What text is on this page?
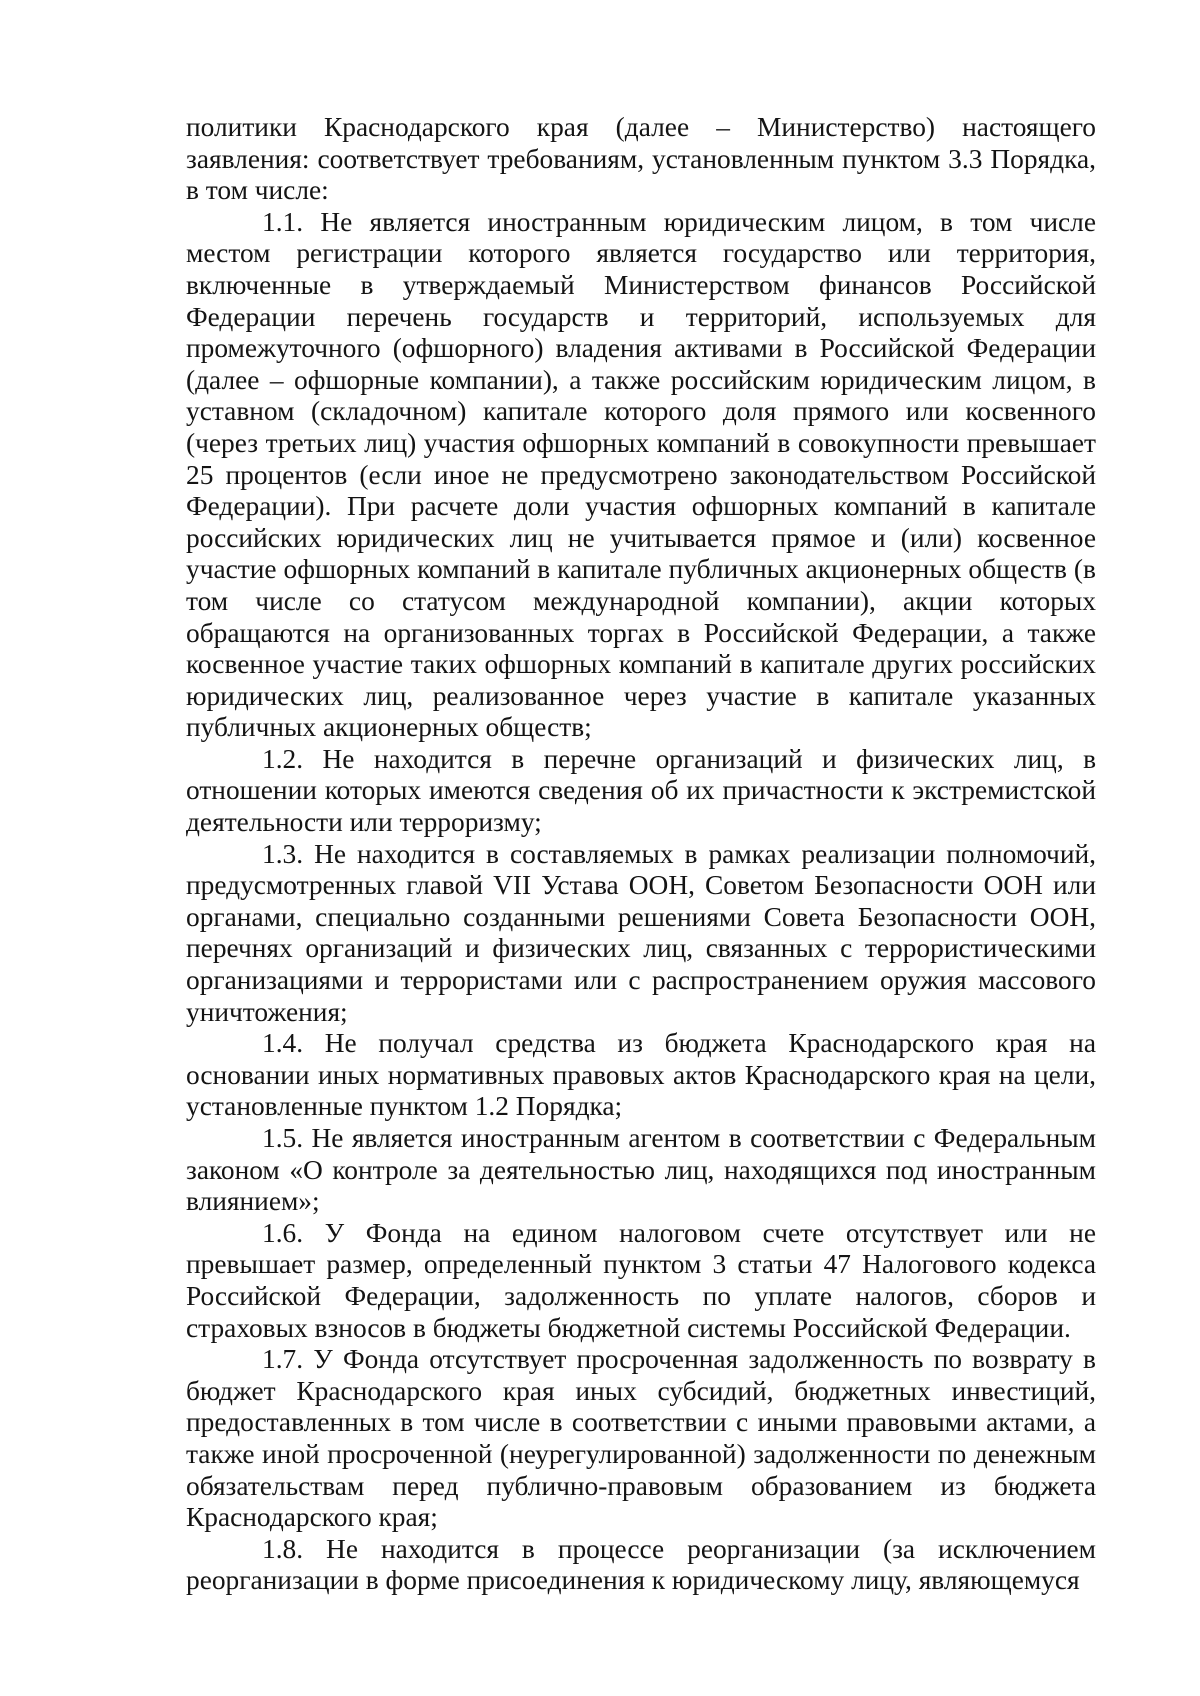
политики Краснодарского края (далее – Министерство) настоящего заявления: соответствует требованиям, установленным пунктом 3.3 Порядка, в том числе:

1.1. Не является иностранным юридическим лицом, в том числе местом регистрации которого является государство или территория, включенные в утверждаемый Министерством финансов Российской Федерации перечень государств и территорий, используемых для промежуточного (офшорного) владения активами в Российской Федерации (далее – офшорные компании), а также российским юридическим лицом, в уставном (складочном) капитале которого доля прямого или косвенного (через третьих лиц) участия офшорных компаний в совокупности превышает 25 процентов (если иное не предусмотрено законодательством Российской Федерации). При расчете доли участия офшорных компаний в капитале российских юридических лиц не учитывается прямое и (или) косвенное участие офшорных компаний в капитале публичных акционерных обществ (в том числе со статусом международной компании), акции которых обращаются на организованных торгах в Российской Федерации, а также косвенное участие таких офшорных компаний в капитале других российских юридических лиц, реализованное через участие в капитале указанных публичных акционерных обществ;

1.2. Не находится в перечне организаций и физических лиц, в отношении которых имеются сведения об их причастности к экстремистской деятельности или терроризму;

1.3. Не находится в составляемых в рамках реализации полномочий, предусмотренных главой VII Устава ООН, Советом Безопасности ООН или органами, специально созданными решениями Совета Безопасности ООН, перечнях организаций и физических лиц, связанных с террористическими организациями и террористами или с распространением оружия массового уничтожения;

1.4. Не получал средства из бюджета Краснодарского края на основании иных нормативных правовых актов Краснодарского края на цели, установленные пунктом 1.2 Порядка;

1.5. Не является иностранным агентом в соответствии с Федеральным законом «О контроле за деятельностью лиц, находящихся под иностранным влиянием»;

1.6. У Фонда на едином налоговом счете отсутствует или не превышает размер, определенный пунктом 3 статьи 47 Налогового кодекса Российской Федерации, задолженность по уплате налогов, сборов и страховых взносов в бюджеты бюджетной системы Российской Федерации.

1.7. У Фонда отсутствует просроченная задолженность по возврату в бюджет Краснодарского края иных субсидий, бюджетных инвестиций, предоставленных в том числе в соответствии с иными правовыми актами, а также иной просроченной (неурегулированной) задолженности по денежным обязательствам перед публично-правовым образованием из бюджета Краснодарского края;

1.8. Не находится в процессе реорганизации (за исключением реорганизации в форме присоединения к юридическому лицу, являющемуся
